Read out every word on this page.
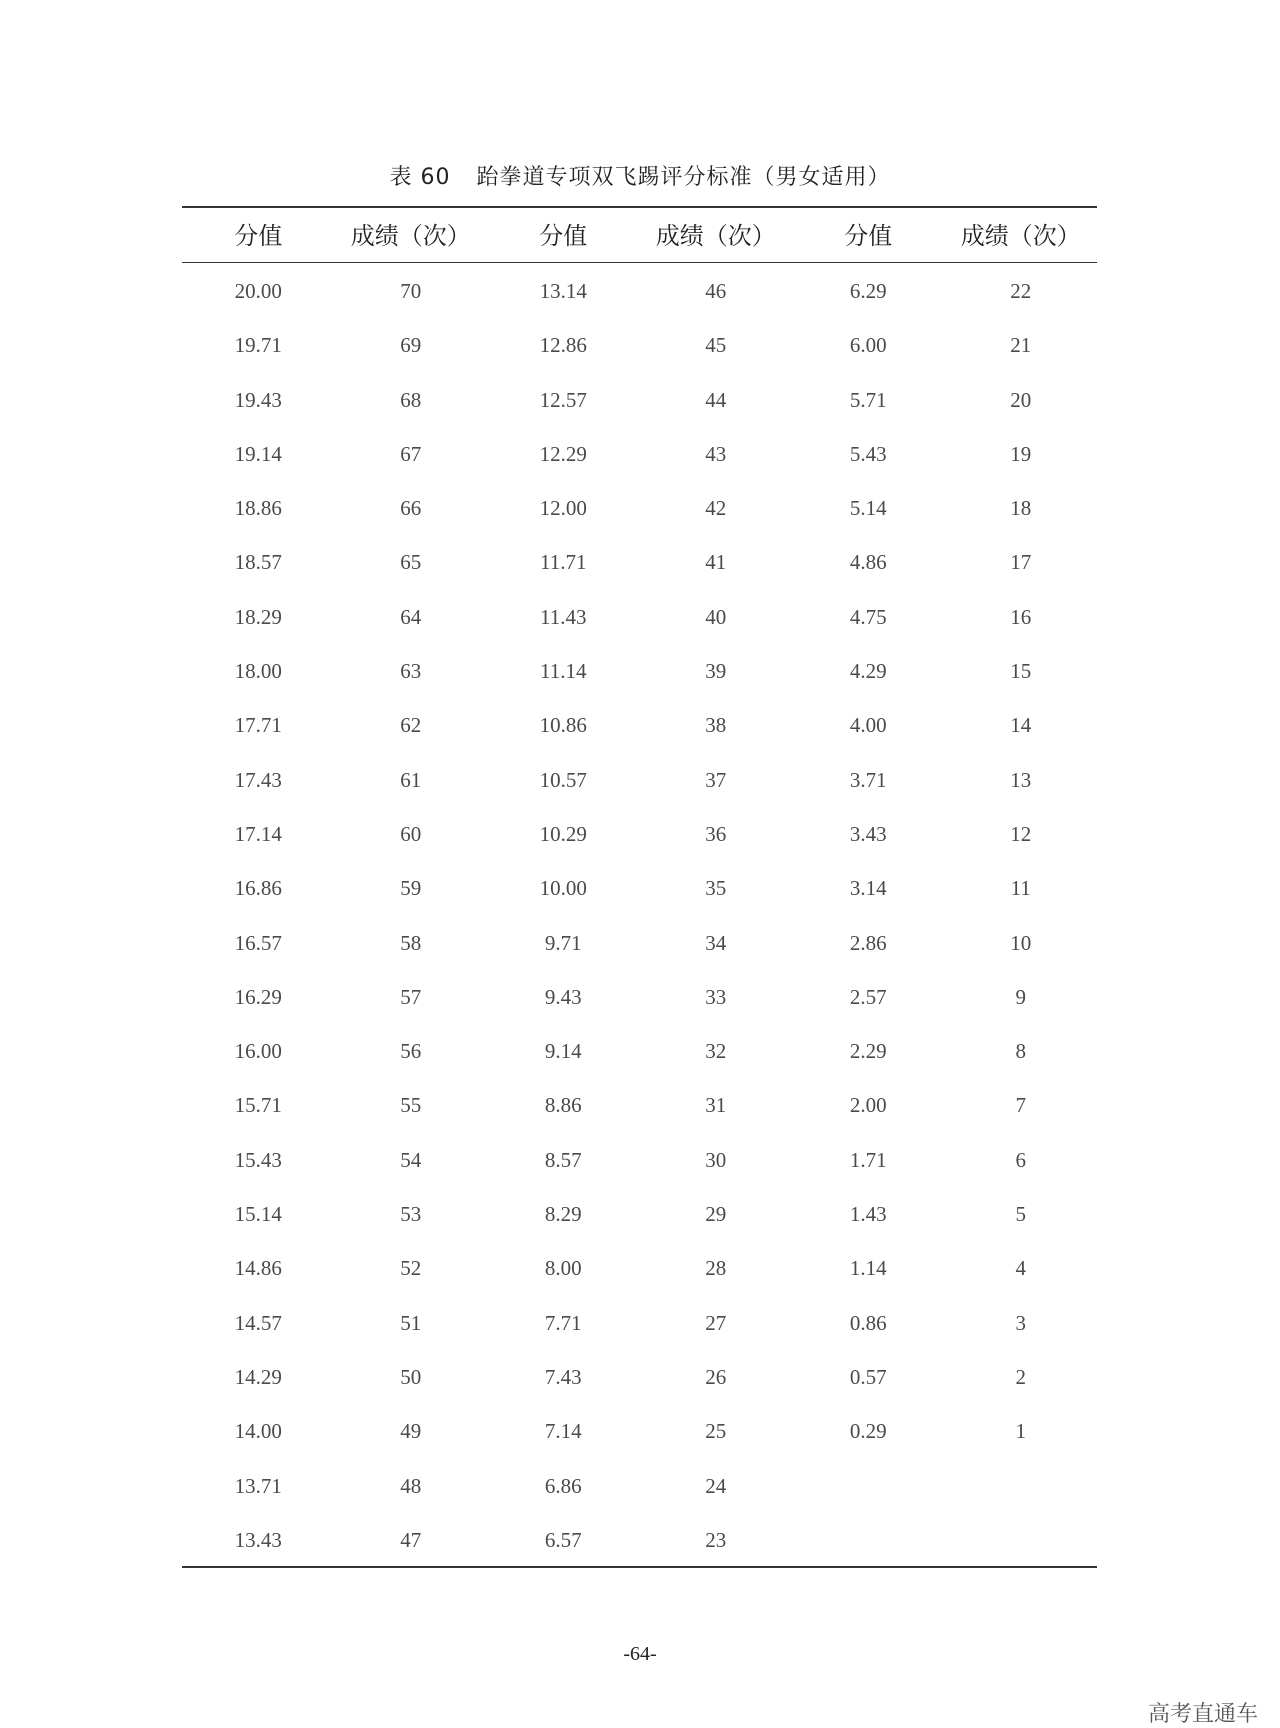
表 60 跆拳道专项双飞踢评分标准（男女适用）
分值	成绩（次）	分值	成绩（次）	分值	成绩（次）
20.00	70	13.14	46	6.29	22
19.71	69	12.86	45	6.00	21
19.43	68	12.57	44	5.71	20
19.14	67	12.29	43	5.43	19
18.86	66	12.00	42	5.14	18
18.57	65	11.71	41	4.86	17
18.29	64	11.43	40	4.75	16
18.00	63	11.14	39	4.29	15
17.71	62	10.86	38	4.00	14
17.43	61	10.57	37	3.71	13
17.14	60	10.29	36	3.43	12
16.86	59	10.00	35	3.14	11
16.57	58	9.71	34	2.86	10
16.29	57	9.43	33	2.57	9
16.00	56	9.14	32	2.29	8
15.71	55	8.86	31	2.00	7
15.43	54	8.57	30	1.71	6
15.14	53	8.29	29	1.43	5
14.86	52	8.00	28	1.14	4
14.57	51	7.71	27	0.86	3
14.29	50	7.43	26	0.57	2
14.00	49	7.14	25	0.29	1
13.71	48	6.86	24
13.43	47	6.57	23
-64-
高考直通车
